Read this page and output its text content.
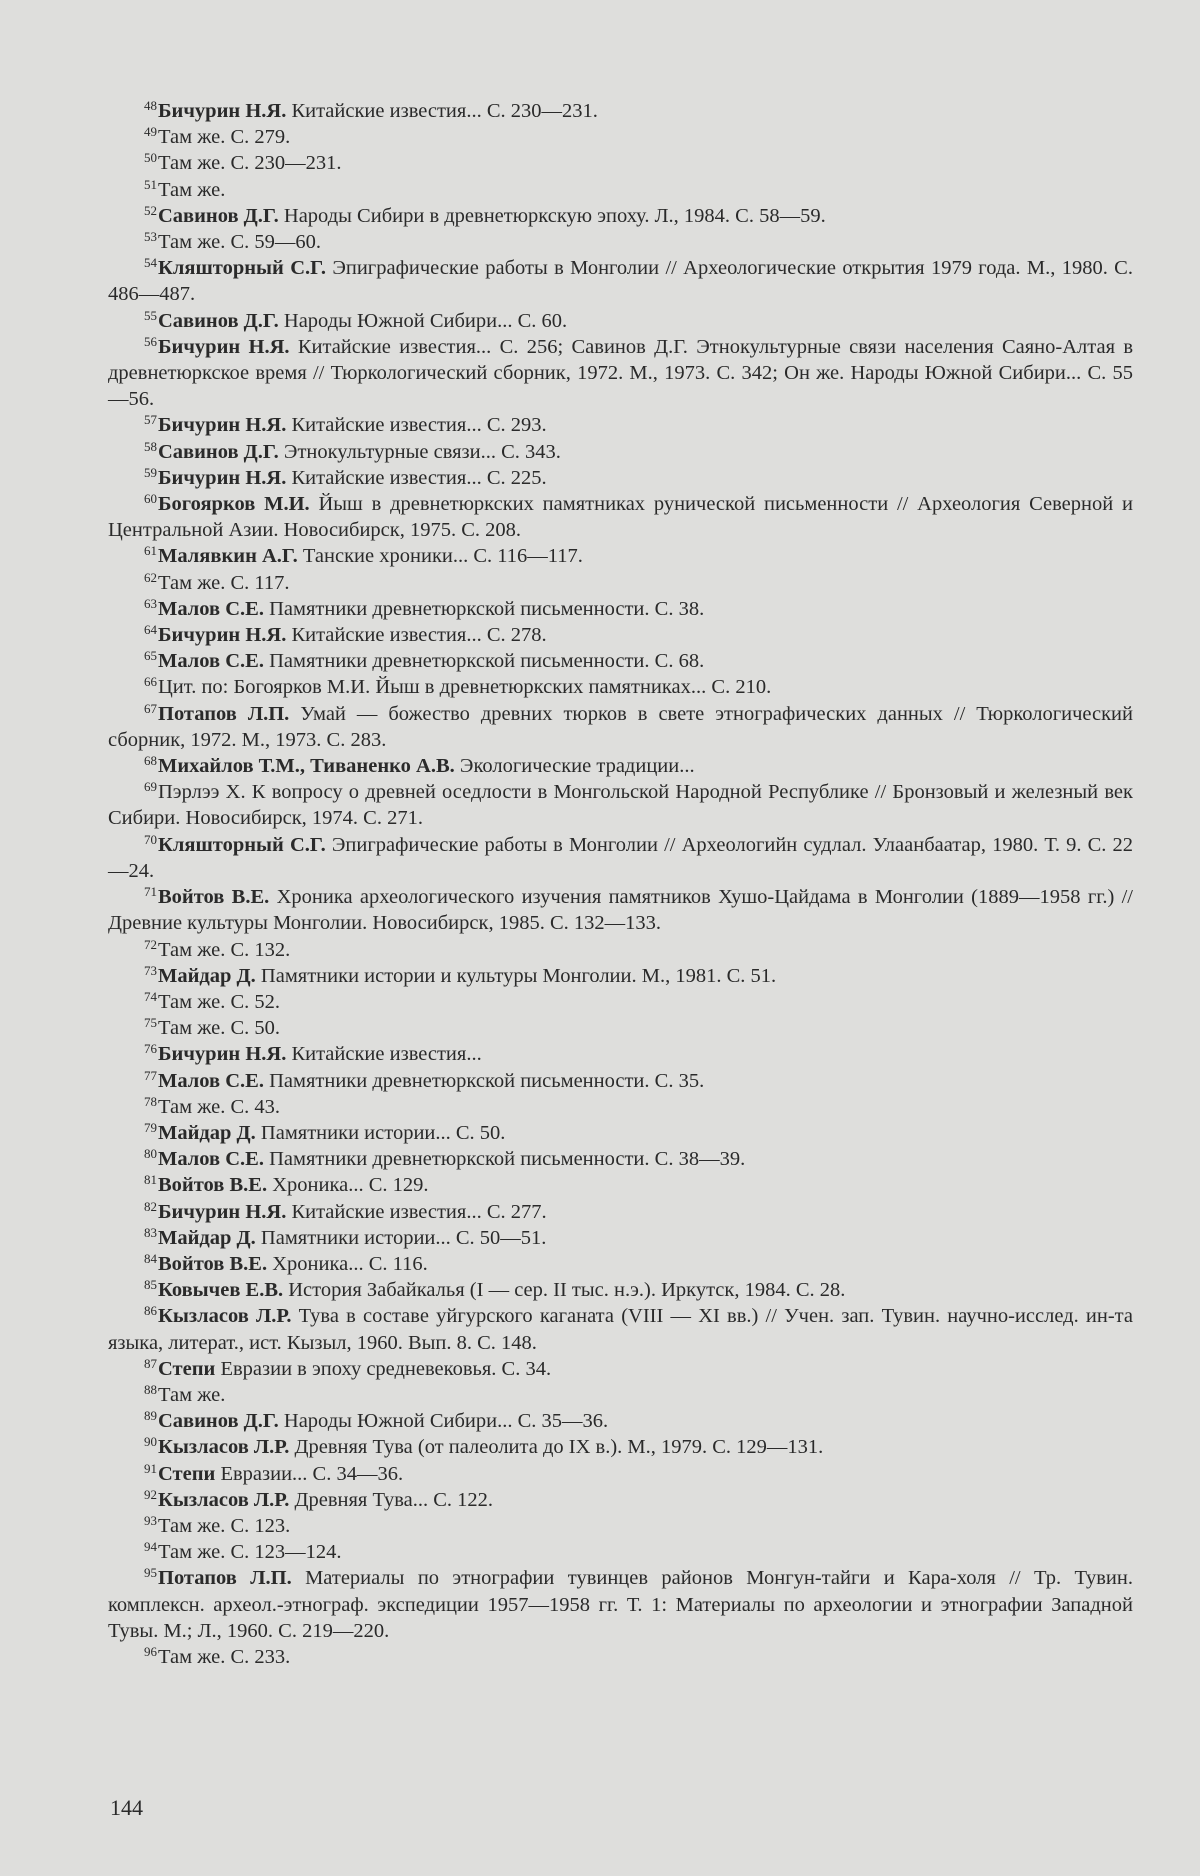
$^{48}$Бичурин Н.Я. Китайские известия... С. 230—231.

$^{49}$Там же. С. 279.

$^{50}$Там же. С. 230—231.

$^{51}$Там же.

$^{52}$Савинов Д.Г. Народы Сибири в древнетюркскую эпоху. Л., 1984. С. 58—59.

$^{53}$Там же. С. 59—60.

$^{54}$Кляшторный С.Г. Эпиграфические работы в Монголии // Археологические открытия 1979 года. М., 1980. С. 486—487.

$^{55}$Савинов Д.Г. Народы Южной Сибири... С. 60.

$^{56}$Бичурин Н.Я. Китайские известия... С. 256; Савинов Д.Г. Этнокультурные связи населения Саяно-Алтая в древнетюркское время // Тюркологический сборник, 1972. М., 1973. С. 342; Он же. Народы Южной Сибири... С. 55—56.

$^{57}$Бичурин Н.Я. Китайские известия... С. 293.

$^{58}$Савинов Д.Г. Этнокультурные связи... С. 343.

$^{59}$Бичурин Н.Я. Китайские известия... С. 225.

$^{60}$Богоярков М.И. Йыш в древнетюркских памятниках рунической письменности // Археология Северной и Центральной Азии. Новосибирск, 1975. С. 208.

$^{61}$Малявкин А.Г. Танские хроники... С. 116—117.

$^{62}$Там же. С. 117.

$^{63}$Малов С.Е. Памятники древнетюркской письменности. С. 38.

$^{64}$Бичурин Н.Я. Китайские известия... С. 278.

$^{65}$Малов С.Е. Памятники древнетюркской письменности. С. 68.

$^{66}$Цит. по: Богоярков М.И. Йыш в древнетюркских памятниках... С. 210.

$^{67}$Потапов Л.П. Умай — божество древних тюрков в свете этнографических данных // Тюркологический сборник, 1972. М., 1973. С. 283.

$^{68}$Михайлов Т.М., Тиваненко А.В. Экологические традиции...

$^{69}$Пэрлээ Х. К вопросу о древней оседлости в Монгольской Народной Республике // Бронзовый и железный век Сибири. Новосибирск, 1974. С. 271.

$^{70}$Кляшторный С.Г. Эпиграфические работы в Монголии // Археологийн судлал. Улаанбаатар, 1980. Т. 9. С. 22—24.

$^{71}$Войтов В.Е. Хроника археологического изучения памятников Хушо-Цайдама в Монголии (1889—1958 гг.) // Древние культуры Монголии. Новосибирск, 1985. С. 132—133.

$^{72}$Там же. С. 132.

$^{73}$Майдар Д. Памятники истории и культуры Монголии. М., 1981. С. 51.

$^{74}$Там же. С. 52.

$^{75}$Там же. С. 50.

$^{76}$Бичурин Н.Я. Китайские известия...

$^{77}$Малов С.Е. Памятники древнетюркской письменности. С. 35.

$^{78}$Там же. С. 43.

$^{79}$Майдар Д. Памятники истории... С. 50.

$^{80}$Малов С.Е. Памятники древнетюркской письменности. С. 38—39.

$^{81}$Войтов В.Е. Хроника... С. 129.

$^{82}$Бичурин Н.Я. Китайские известия... С. 277.

$^{83}$Майдар Д. Памятники истории... С. 50—51.

$^{84}$Войтов В.Е. Хроника... С. 116.

$^{85}$Ковычев Е.В. История Забайкалья (I — сер. II тыс. н.э.). Иркутск, 1984. С. 28.

$^{86}$Кызласов Л.Р. Тува в составе уйгурского каганата (VIII — XI вв.) // Учен. зап. Тувин. научно-исслед. ин-та языка, литерат., ист. Кызыл, 1960. Вып. 8. С. 148.

$^{87}$Степи Евразии в эпоху средневековья. С. 34.

$^{88}$Там же.

$^{89}$Савинов Д.Г. Народы Южной Сибири... С. 35—36.

$^{90}$Кызласов Л.Р. Древняя Тува (от палеолита до IX в.). М., 1979. С. 129—131.

$^{91}$Степи Евразии... С. 34—36.

$^{92}$Кызласов Л.Р. Древняя Тува... С. 122.

$^{93}$Там же. С. 123.

$^{94}$Там же. С. 123—124.

$^{95}$Потапов Л.П. Материалы по этнографии тувинцев районов Монгун-тайги и Кара-холя // Тр. Тувин. комплексн. археол.-этнограф. экспедиции 1957—1958 гг. Т. 1: Материалы по археологии и этнографии Западной Тувы. М.; Л., 1960. С. 219—220.

$^{96}$Там же. С. 233.

144
